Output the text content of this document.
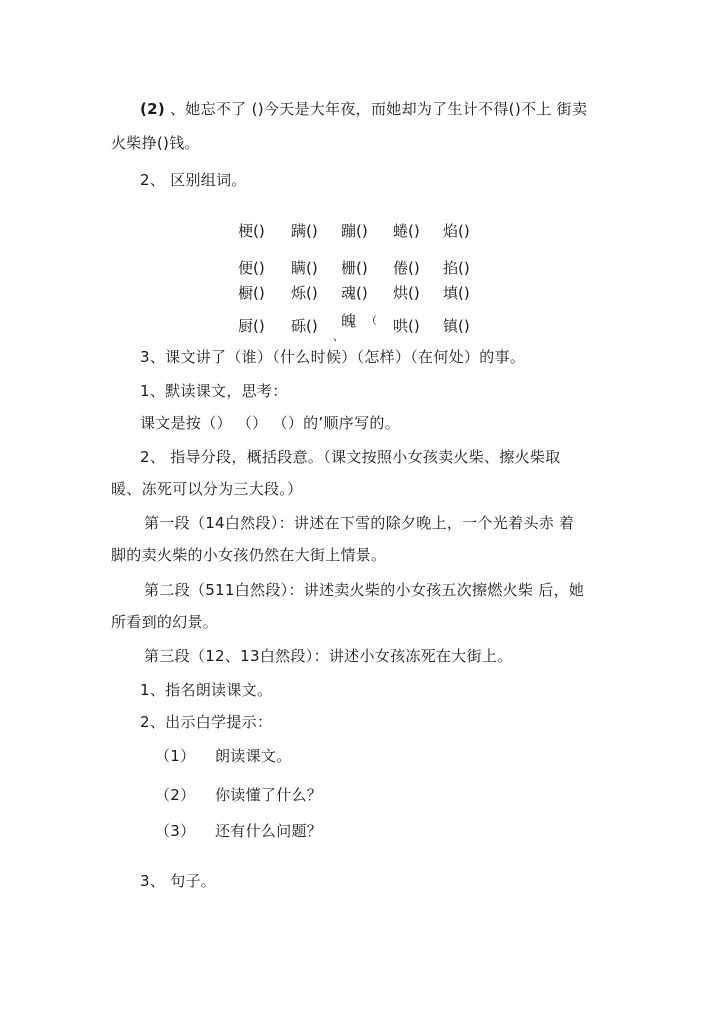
(2) 、她忘不了 ()今天是大年夜，而她却为了生计不得()不上 街卖
火柴挣()钱。
2、 区别组词。
梗() 蹒() 蹦() 蜷() 焰()
便() 瞒() 栅() 倦() 掐()
橱() 烁() 魂() 烘() 填()
厨() 砾() 魄 （
、
哄() 镇()
3、课文讲了（谁）（什么时候）（怎样）（在何处）的事。
1、默读课文，思考：
课文是按（） （） （）的’顺序写的。
2、 指导分段，概括段意。（课文按照小女孩卖火柴、擦火柴取
暖、冻死可以分为三大段。）
第一段（14白然段）：讲述在下雪的除夕晚上，一个光着头赤 着
脚的卖火柴的小女孩仍然在大街上情景。
第二段（511白然段）：讲述卖火柴的小女孩五次擦燃火柴 后，她
所看到的幻景。
第三段（12、13白然段）：讲述小女孩冻死在大街上。
1、指名朗读课文。
2、出示白学提示：
（1） 朗读课文。
（2） 你读懂了什么？
（3） 还有什么问题？
3、 句子。
